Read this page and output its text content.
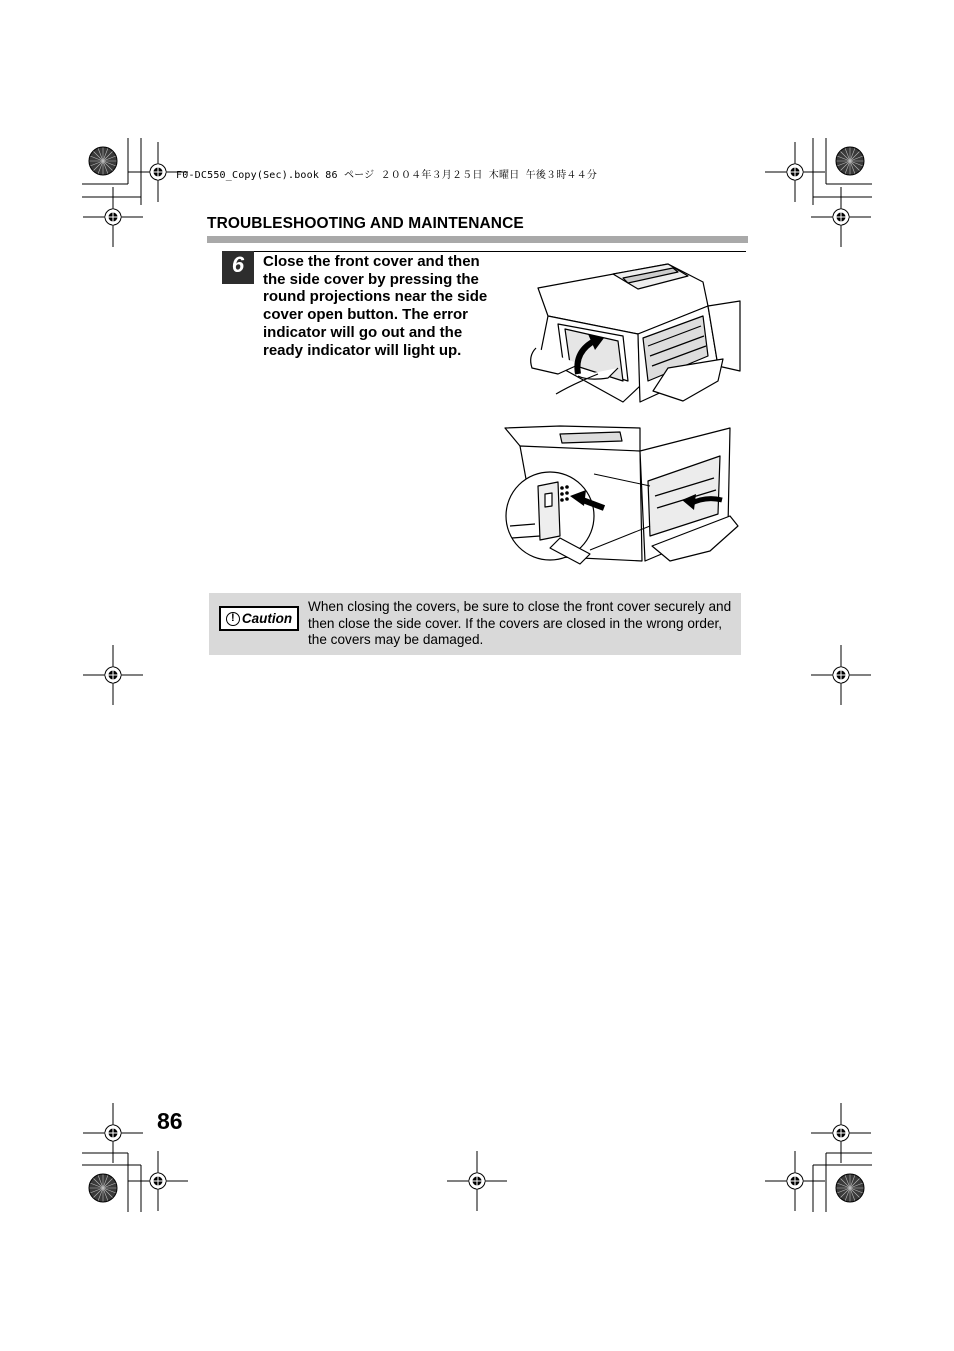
F0-DC550_Copy(Sec).book 86 ページ ２００４年３月２５日 木曜日 午後３時４４分
TROUBLESHOOTING AND MAINTENANCE
6	Close the front cover and then the side cover by pressing the round projections near the side cover open button. The error indicator will go out and the ready indicator will light up.
! Caution
When closing the covers, be sure to close the front cover securely and then close the side cover. If the covers are closed in the wrong order, the covers may be damaged.
86
